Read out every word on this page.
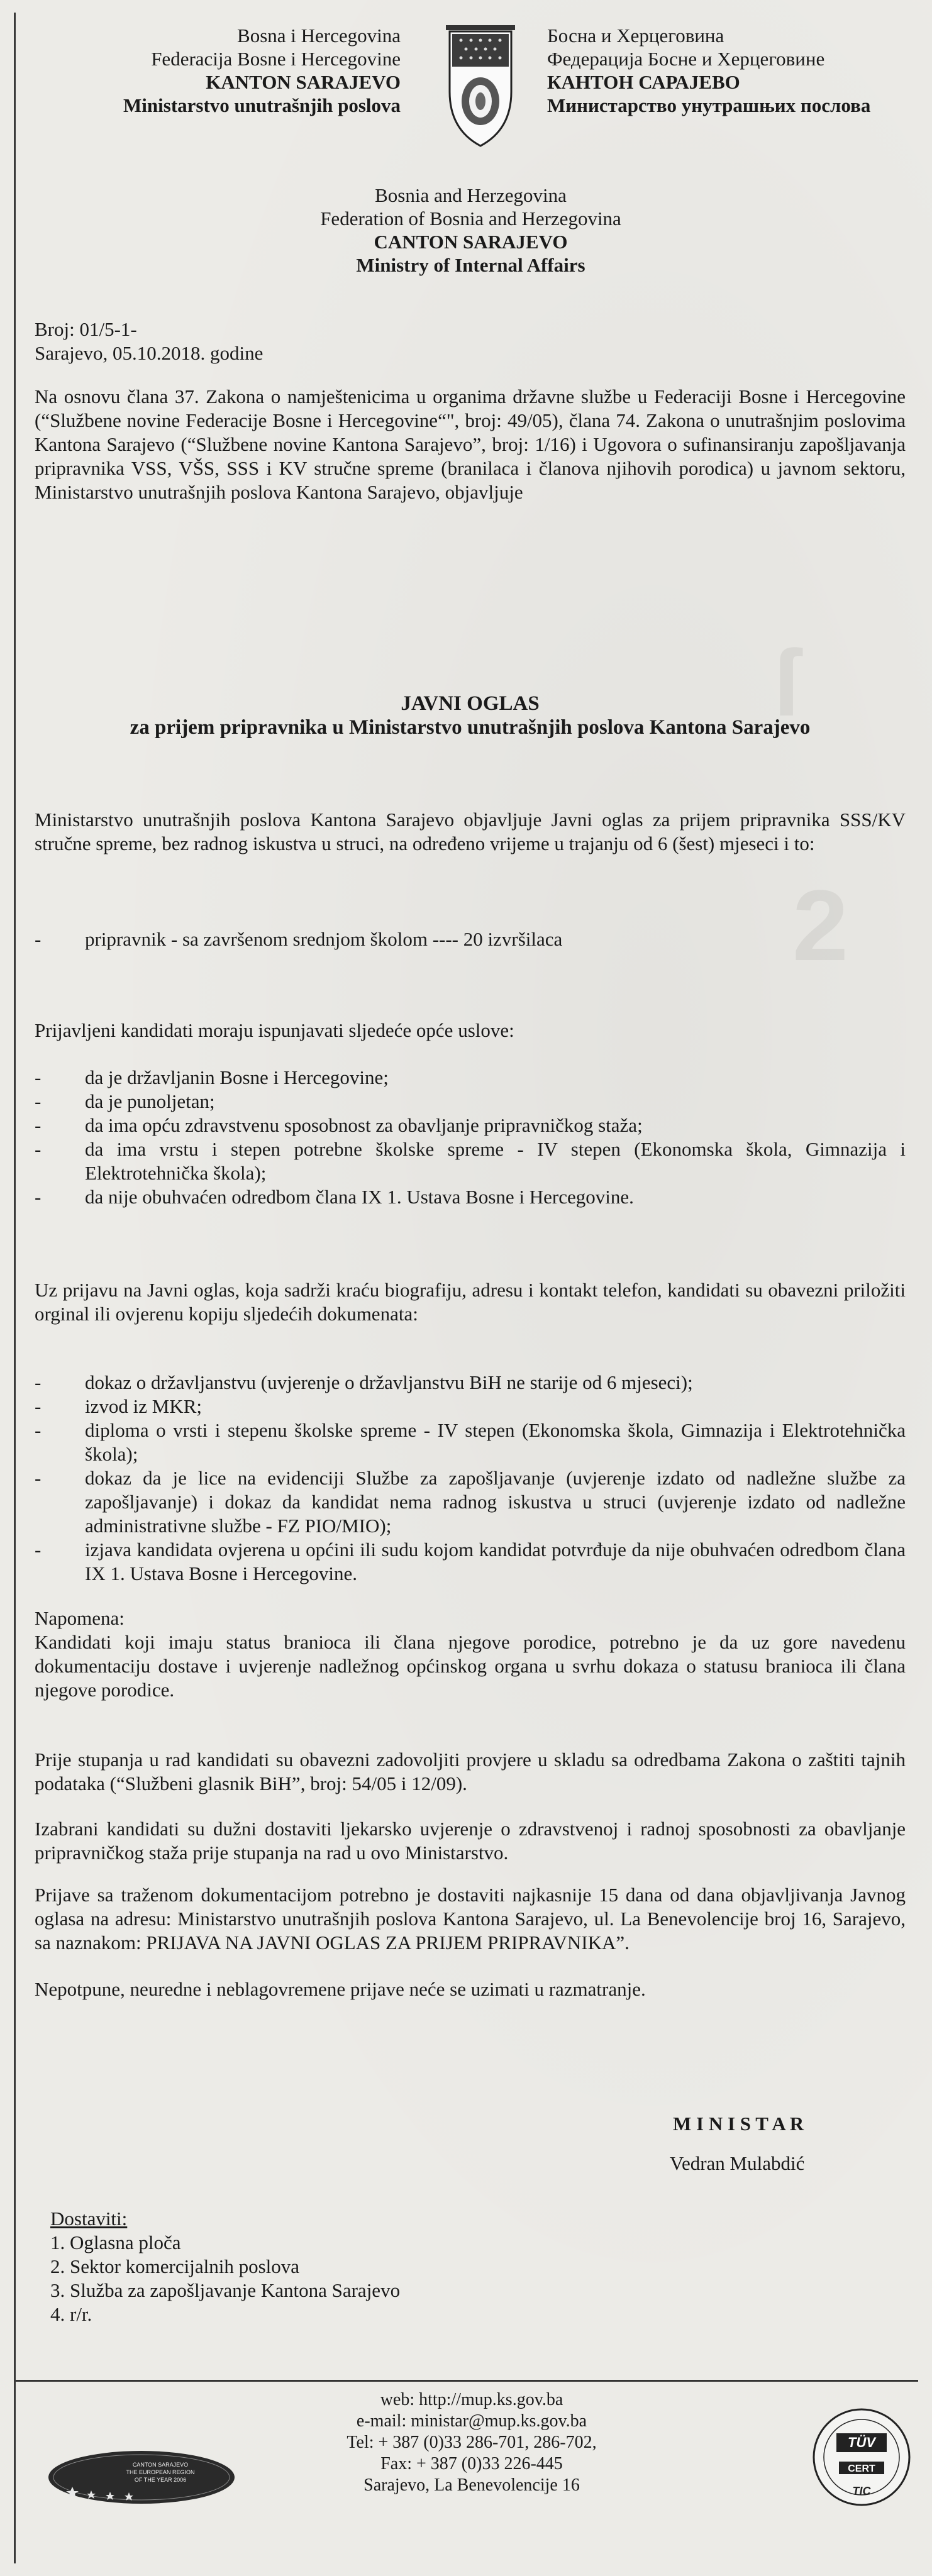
ſ
2
Bosna i Hercegovina
Federacija Bosne i Hercegovine
KANTON SARAJEVO
Ministarstvo unutrašnjih poslova
Босна и Херцеговина
Федерација Босне и Херцеговине
КАНТОН САРАЈЕВО
Министарство унутрашњих послова
Bosnia and Herzegovina
Federation of Bosnia and Herzegovina
CANTON SARAJEVO
Ministry of Internal Affairs
Broj: 01/5-1-
Sarajevo, 05.10.2018. godine
Na osnovu člana 37. Zakona o namještenicima u organima državne službe u Federaciji Bosne i Hercegovine (“Službene novine Federacije Bosne i Hercegovine“", broj: 49/05), člana 74. Zakona o unutrašnjim poslovima Kantona Sarajevo (“Službene novine Kantona Sarajevo”, broj: 1/16) i Ugovora o sufinansiranju zapošljavanja pripravnika VSS, VŠS, SSS i KV stručne spreme (branilaca i članova njihovih porodica) u javnom sektoru, Ministarstvo unutrašnjih poslova Kantona Sarajevo, objavljuje
JAVNI OGLAS
za prijem pripravnika u Ministarstvo unutrašnjih poslova Kantona Sarajevo
Ministarstvo unutrašnjih poslova Kantona Sarajevo objavljuje Javni oglas za prijem pripravnika SSS/KV stručne spreme, bez radnog iskustva u struci, na određeno vrijeme u trajanju od 6 (šest) mjeseci i to:
- pripravnik - sa završenom srednjom školom ---- 20 izvršilaca
Prijavljeni kandidati moraju ispunjavati sljedeće opće uslove:
- da je državljanin Bosne i Hercegovine;
- da je punoljetan;
- da ima opću zdravstvenu sposobnost za obavljanje pripravničkog staža;
- da ima vrstu i stepen potrebne školske spreme - IV stepen (Ekonomska škola, Gimnazija i Elektrotehnička škola);
- da nije obuhvaćen odredbom člana IX 1. Ustava Bosne i Hercegovine.
Uz prijavu na Javni oglas, koja sadrži kraću biografiju, adresu i kontakt telefon, kandidati su obavezni priložiti orginal ili ovjerenu kopiju sljedećih dokumenata:
- dokaz o državljanstvu (uvjerenje o državljanstvu BiH ne starije od 6 mjeseci);
- izvod iz MKR;
- diploma o vrsti i stepenu školske spreme - IV stepen (Ekonomska škola, Gimnazija i Elektrotehnička škola);
- dokaz da je lice na evidenciji Službe za zapošljavanje (uvjerenje izdato od nadležne službe za zapošljavanje) i dokaz da kandidat nema radnog iskustva u struci (uvjerenje izdato od nadležne administrativne službe - FZ PIO/MIO);
- izjava kandidata ovjerena u općini ili sudu kojom kandidat potvrđuje da nije obuhvaćen odredbom člana IX 1. Ustava Bosne i Hercegovine.
Napomena:
Kandidati koji imaju status branioca ili člana njegove porodice, potrebno je da uz gore navedenu dokumentaciju dostave i uvjerenje nadležnog općinskog organa u svrhu dokaza o statusu branioca ili člana njegove porodice.
Prije stupanja u rad kandidati su obavezni zadovoljiti provjere u skladu sa odredbama Zakona o zaštiti tajnih podataka (“Službeni glasnik BiH”, broj: 54/05 i 12/09).
Izabrani kandidati su dužni dostaviti ljekarsko uvjerenje o zdravstvenoj i radnoj sposobnosti za obavljanje pripravničkog staža prije stupanja na rad u ovo Ministarstvo.
Prijave sa traženom dokumentacijom potrebno je dostaviti najkasnije 15 dana od dana objavljivanja Javnog oglasa na adresu: Ministarstvo unutrašnjih poslova Kantona Sarajevo, ul. La Benevolencije broj 16, Sarajevo, sa naznakom: PRIJAVA NA JAVNI OGLAS ZA PRIJEM PRIPRAVNIKA”.
Nepotpune, neuredne i neblagovremene prijave neće se uzimati u razmatranje.
M I N I S T A R
Vedran Mulabdić
Dostaviti:
1. Oglasna ploča
2. Sektor komercijalnih poslova
3. Služba za zapošljavanje Kantona Sarajevo
4. r/r.
CANTON SARAJEVO
THE EUROPEAN REGION
OF THE YEAR 2006
web: http://mup.ks.gov.ba
e-mail: ministar@mup.ks.gov.ba
Tel: + 387 (0)33 286-701, 286-702,
Fax: + 387 (0)33 226-445
Sarajevo, La Benevolencije 16
TÜV
CERT
TIC
